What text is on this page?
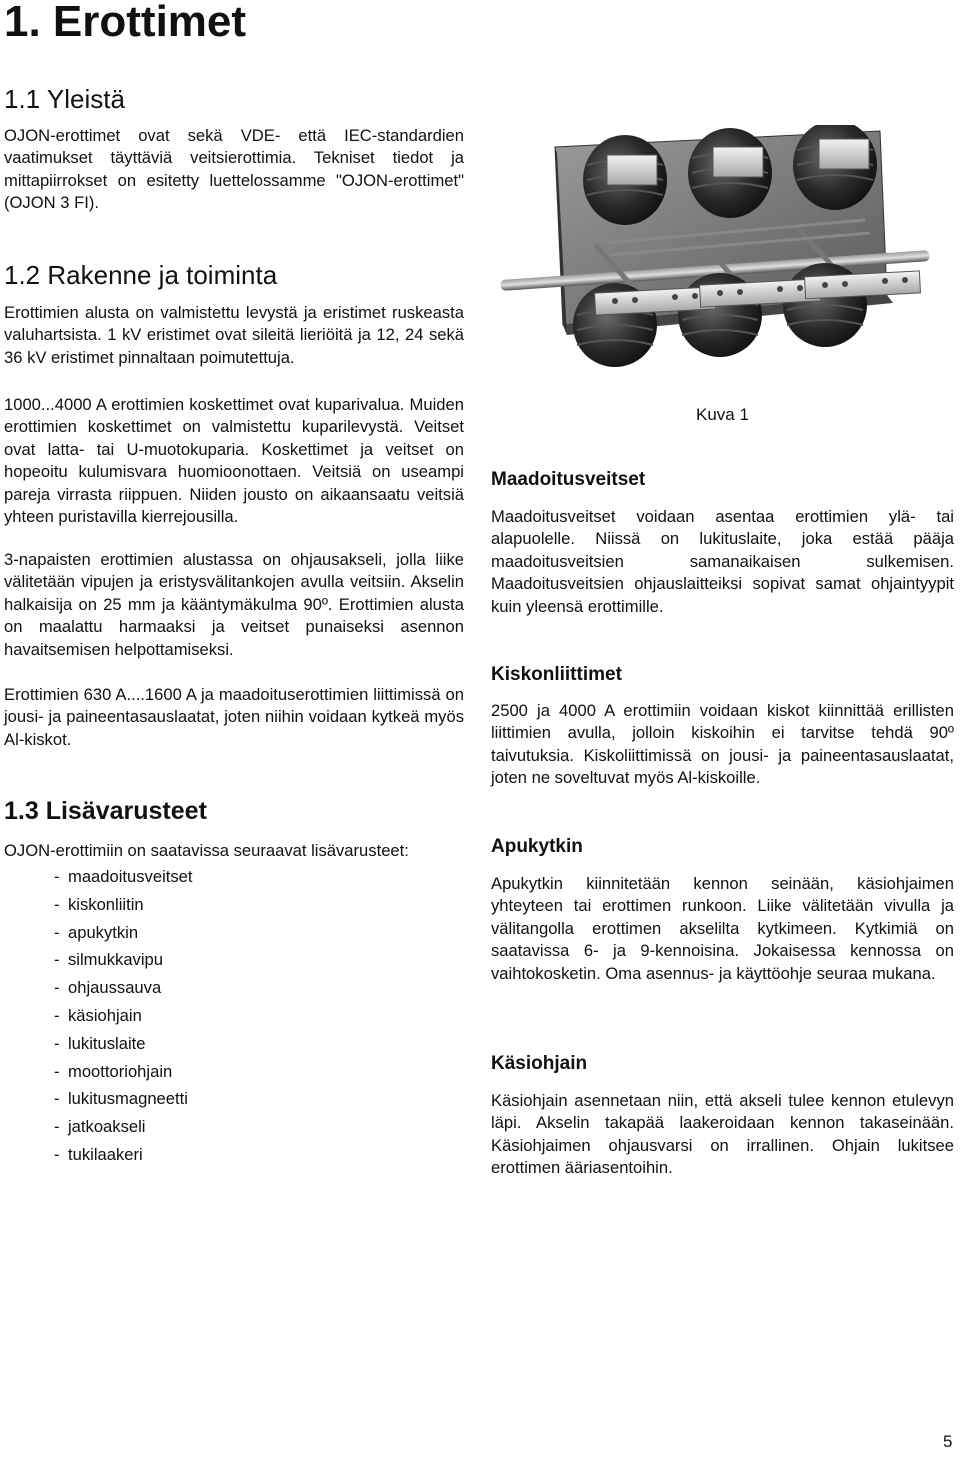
1. Erottimet
1.1 Yleistä

OJON-erottimet ovat sekä VDE- että IEC-standardien vaatimukset täyttäviä veitsierottimia. Tekniset tiedot ja mittapiirrokset on esitetty luettelossamme "OJON-erottimet" (OJON 3 FI).

1.2 Rakenne ja toiminta

Erottimien alusta on valmistettu levystä ja eristimet ruskeasta valuhartsista. 1 kV eristimet ovat sileitä lieriöitä ja 12, 24 sekä 36 kV eristimet pinnaltaan poimutettuja.

1000...4000 A erottimien koskettimet ovat kuparivalua. Muiden erottimien koskettimet on valmistettu kuparilevystä. Veitset ovat latta- tai U-muotokuparia. Koskettimet ja veitset on hopeoitu kulumisvara huomioonottaen. Veitsiä on useampi pareja virrasta riippuen. Niiden jousto on aikaansaatu veitsiä yhteen puristavilla kierrejousilla.

3-napaisten erottimien alustassa on ohjausakseli, jolla liike välitetään vipujen ja eristysvälitankojen avulla veitsiin. Akselin halkaisija on 25 mm ja kääntymäkulma 90º. Erottimien alusta on maalattu harmaaksi ja veitset punaiseksi asennon havaitsemisen helpottamiseksi.

Erottimien 630 A....1600 A ja maadoituserottimien liittimissä on jousi- ja paineentasauslaatat, joten niihin voidaan kytkeä myös Al-kiskot.

1.3 Lisävarusteet

OJON-erottimiin on saatavissa seuraavat lisävarusteet:

- maadoitusveitset
- kiskonliitin
- apukytkin
- silmukkavipu
- ohjaussauva
- käsiohjain
- lukituslaite
- moottoriohjain
- lukitusmagneetti
- jatkoakseli
- tukilaakeri
Kuva 1
Maadoitusveitset

Maadoitusveitset voidaan asentaa erottimien ylä- tai alapuolelle. Niissä on lukituslaite, joka estää pääja maadoitusveitsien samanaikaisen sulkemisen. Maadoitusveitsien ohjauslaitteiksi sopivat samat ohjaintyypit kuin yleensä erottimille.

Kiskonliittimet

2500 ja 4000 A erottimiin voidaan kiskot kiinnittää erillisten liittimien avulla, jolloin kiskoihin ei tarvitse tehdä 90º taivutuksia. Kiskoliittimissä on jousi- ja paineentasauslaatat, joten ne soveltuvat myös Al-kiskoille.

Apukytkin

Apukytkin kiinnitetään kennon seinään, käsiohjaimen yhteyteen tai erottimen runkoon. Liike välitetään vivulla ja välitangolla erottimen akselilta kytkimeen. Kytkimiä on saatavissa 6- ja 9-kennoisina. Jokaisessa kennossa on vaihtokosketin. Oma asennus- ja käyttöohje seuraa mukana.

Käsiohjain

Käsiohjain asennetaan niin, että akseli tulee kennon etulevyn läpi. Akselin takapää laakeroidaan kennon takaseinään. Käsiohjaimen ohjausvarsi on irrallinen. Ohjain lukitsee erottimen ääriasentoihin.

5
